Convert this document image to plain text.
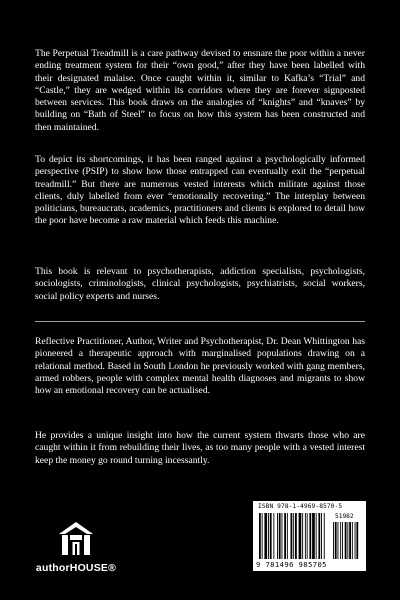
The Perpetual Treadmill is a care pathway devised to ensnare the poor within a never ending treatment system for their “own good,” after they have been labelled with their designated malaise. Once caught within it, similar to Kafka’s “Trial” and “Castle,” they are wedged within its corridors where they are forever signposted between services. This book draws on the analogies of “knights” and “knaves” by building on “Bath of Steel” to focus on how this system has been constructed and then maintained.

To depict its shortcomings, it has been ranged against a psychologically informed perspective (PSIP) to show how those entrapped can eventually exit the “perpetual treadmill.” But there are numerous vested interests which militate against those clients, duly labelled from ever “emotionally recovering.” The interplay between politicians, bureaucrats, academics, practitioners and clients is explored to detail how the poor have become a raw material which feeds this machine.

This book is relevant to psychotherapists, addiction specialists, psychologists, sociologists, criminologists, clinical psychologists, psychiatrists, social workers, social policy experts and nurses.

Reflective Practitioner, Author, Writer and Psychotherapist, Dr. Dean Whittington has pioneered a therapeutic approach with marginalised populations drawing on a relational method. Based in South London he previously worked with gang members, armed robbers, people with complex mental health diagnoses and migrants to show how an emotional recovery can be actualised.

He provides a unique insight into how the current system thwarts those who are caught within it from rebuilding their lives, as too many people with a vested interest keep the money go round turning incessantly.

authorHOUSE®
ISBN 978-1-4969-8570-5
51982
9 781496 985705
